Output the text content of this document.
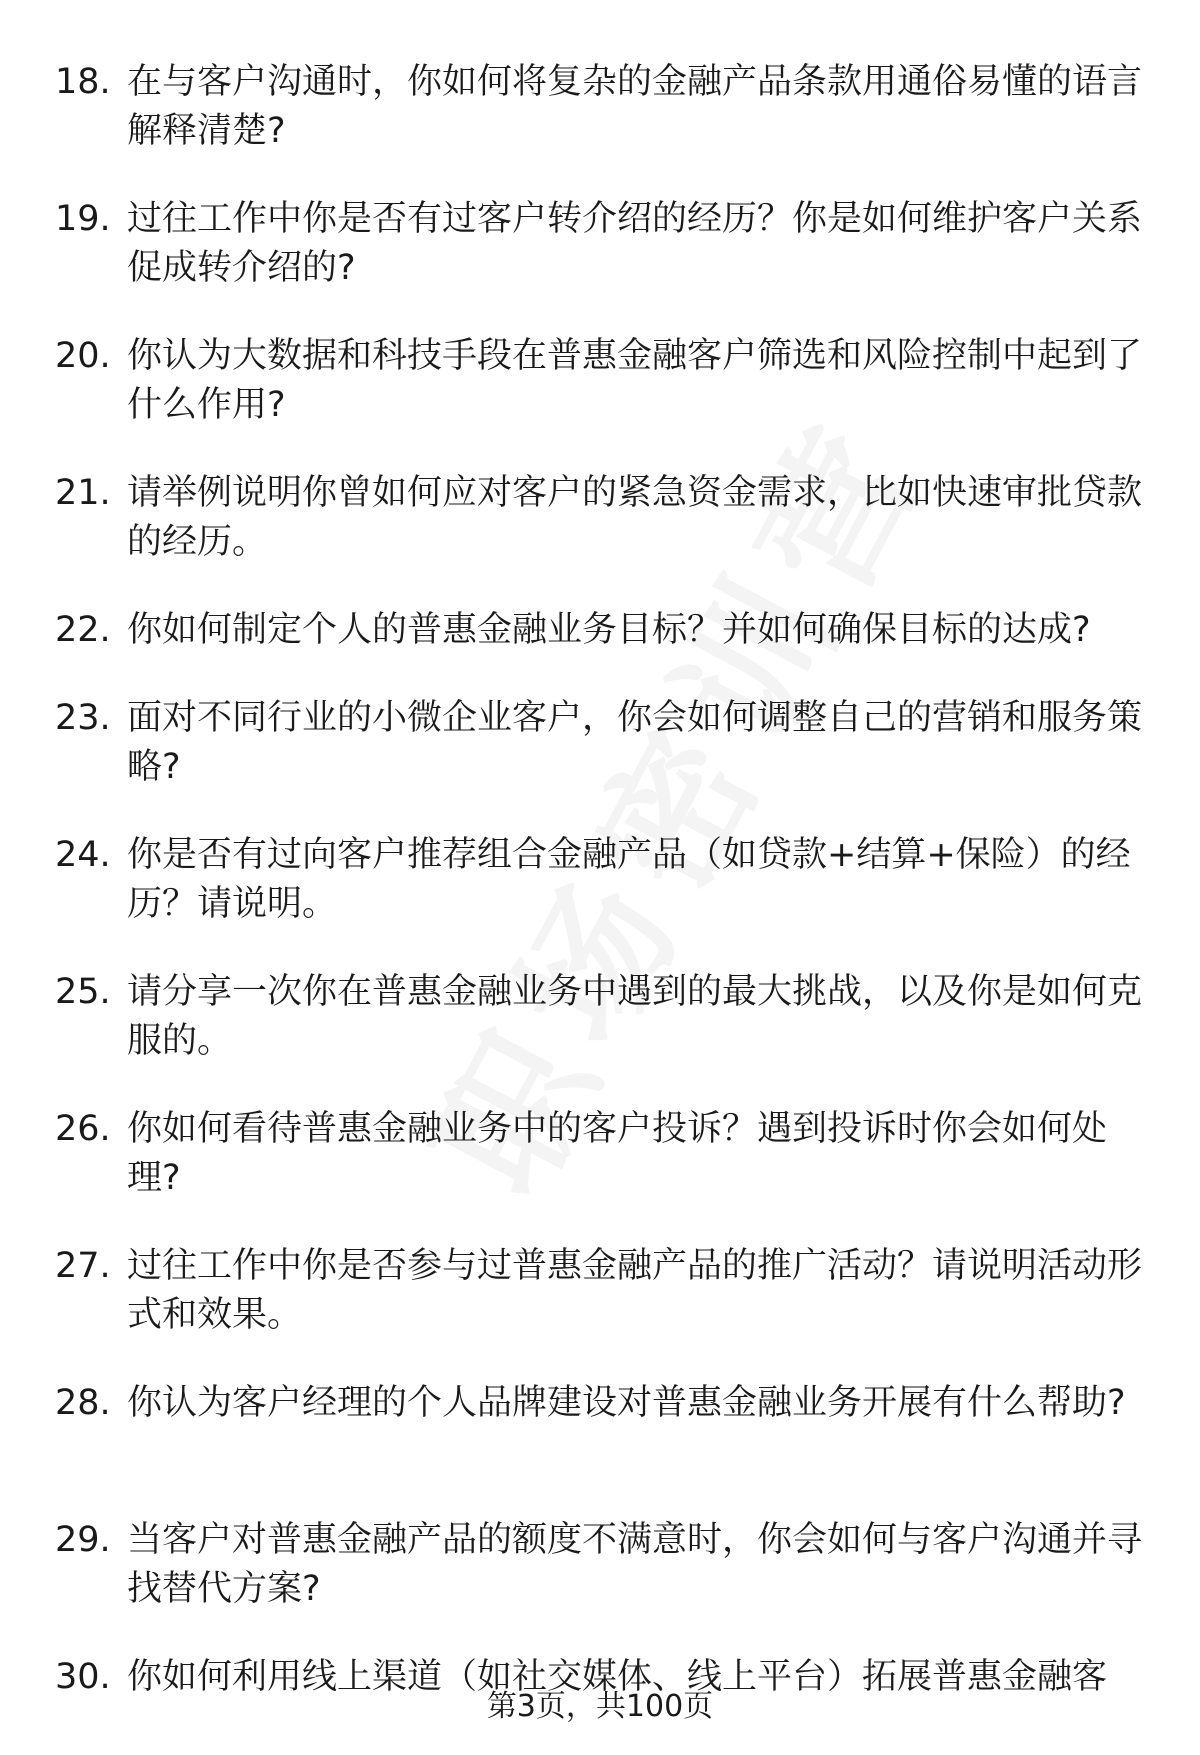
18. 在与客户沟通时，你如何将复杂的金融产品条款用通俗易懂的语言解释清楚?
19. 过往工作中你是否有过客户转介绍的经历？你是如何维护客户关系促成转介绍的?
20. 你认为大数据和科技手段在普惠金融客户筛选和风险控制中起到了什么作用?
21. 请举例说明你曾如何应对客户的紧急资金需求，比如快速审批贷款的经历。
22. 你如何制定个人的普惠金融业务目标？并如何确保目标的达成?
23. 面对不同行业的小微企业客户，你会如何调整自己的营销和服务策略?
24. 你是否有过向客户推荐组合金融产品（如贷款+结算+保险）的经历？请说明。
25. 请分享一次你在普惠金融业务中遇到的最大挑战，以及你是如何克服的。
26. 你如何看待普惠金融业务中的客户投诉？遇到投诉时你会如何处理?
27. 过往工作中你是否参与过普惠金融产品的推广活动？请说明活动形式和效果。
28. 你认为客户经理的个人品牌建设对普惠金融业务开展有什么帮助?
29. 当客户对普惠金融产品的额度不满意时，你会如何与客户沟通并寻找替代方案?
30. 你如何利用线上渠道（如社交媒体、线上平台）拓展普惠金融客
第3页，共100页
